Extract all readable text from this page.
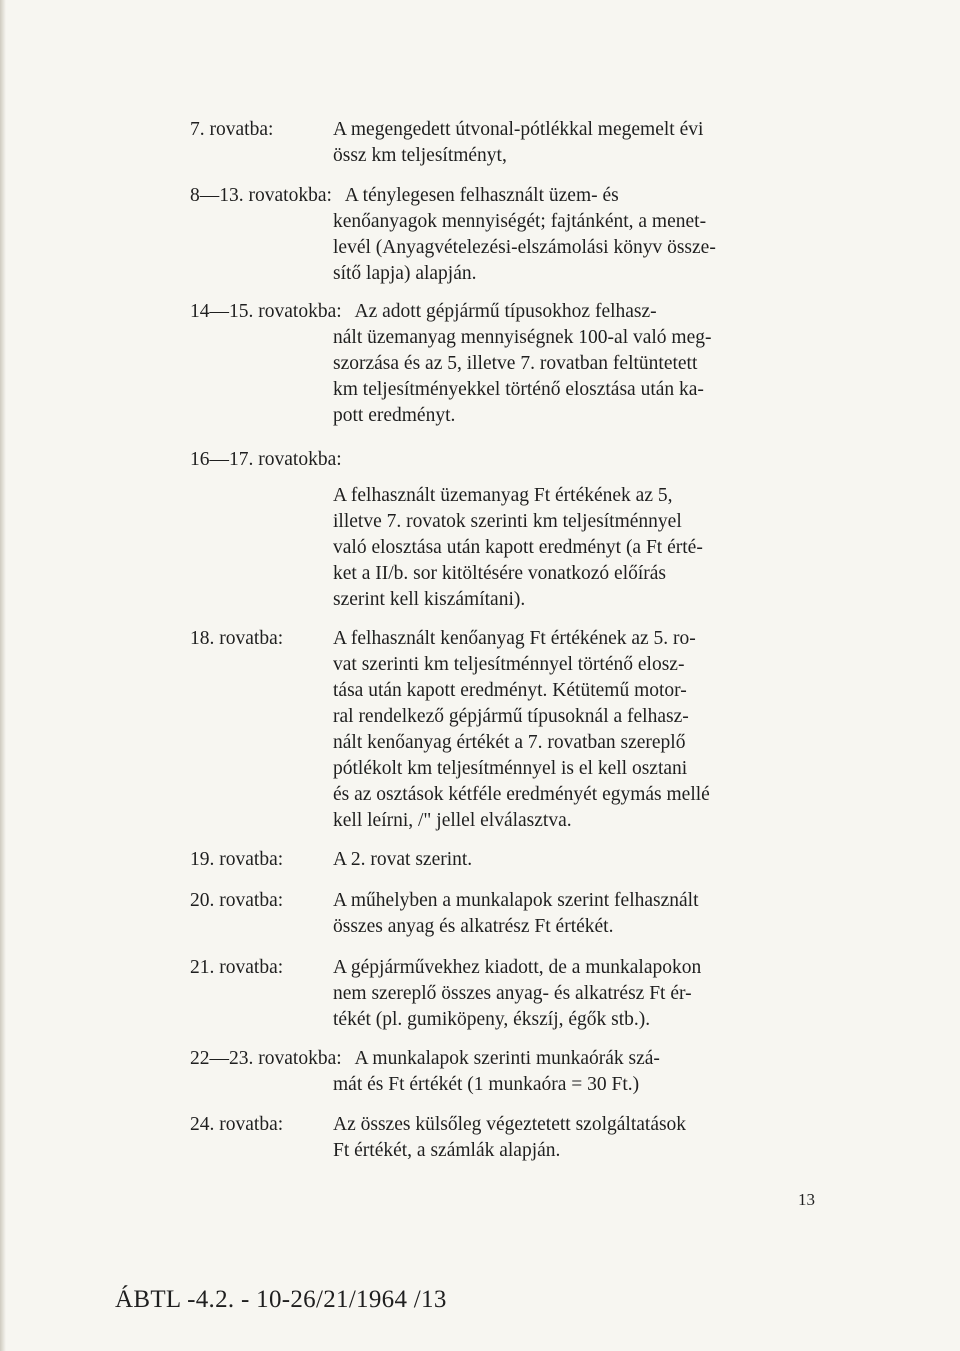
7. rovatba:	A megengedett útvonal-pótlékkal megemelt évi
össz km teljesítményt,
8—13. rovatokba: A ténylegesen felhasznált üzem- és
kenőanyagok mennyiségét; fajtánként, a menet-
levél (Anyagvételezési-elszámolási könyv össze-
sítő lapja) alapján.
14—15. rovatokba: Az adott gépjármű típusokhoz felhasz-
nált üzemanyag mennyiségnek 100-al való meg-
szorzása és az 5, illetve 7. rovatban feltüntetett
km teljesítményekkel történő elosztása után ka-
pott eredményt.
16—17. rovatokba:
A felhasznált üzemanyag Ft értékének az 5,
illetve 7. rovatok szerinti km teljesítménnyel
való elosztása után kapott eredményt (a Ft érté-
ket a II/b. sor kitöltésére vonatkozó előírás
szerint kell kiszámítani).
18. rovatba:	A felhasznált kenőanyag Ft értékének az 5. ro-
vat szerinti km teljesítménnyel történő elosz-
tása után kapott eredményt. Kétütemű motor-
ral rendelkező gépjármű típusoknál a felhasz-
nált kenőanyag értékét a 7. rovatban szereplő
pótlékolt km teljesítménnyel is el kell osztani
és az osztások kétféle eredményét egymás mellé
kell leírni, /" jellel elválasztva.
19. rovatba:	A 2. rovat szerint.
20. rovatba:	A műhelyben a munkalapok szerint felhasznált
összes anyag és alkatrész Ft értékét.
21. rovatba:	A gépjárművekhez kiadott, de a munkalapokon
nem szereplő összes anyag- és alkatrész Ft ér-
tékét (pl. gumiköpeny, ékszíj, égők stb.).
22—23. rovatokba: A munkalapok szerinti munkaórák szá-
mát és Ft értékét (1 munkaóra = 30 Ft.)
24. rovatba:	Az összes külsőleg végeztetett szolgáltatások
Ft értékét, a számlák alapján.
13
ÁBTL -4.2. - 10-26/21/1964 /13
